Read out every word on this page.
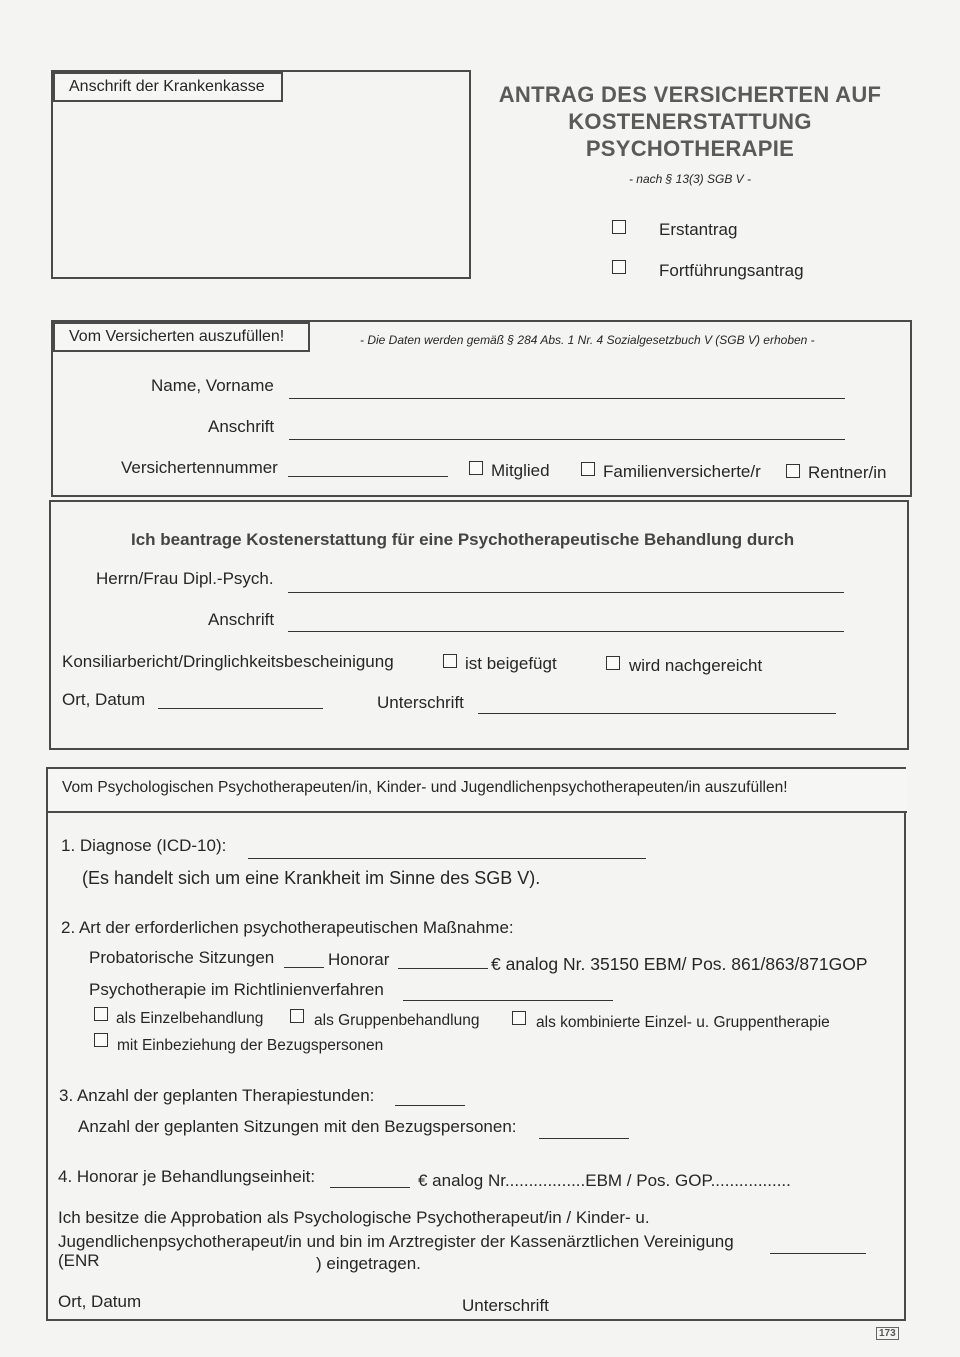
Anschrift der Krankenkasse	ANTRAG DES VERSICHERTEN AUF
KOSTENERSTATTUNG
PSYCHOTHERAPIE
- nach § 13(3) SGB V -
Erstantrag
Fortführungsantrag
Vom Versicherten auszufüllen!	- Die Daten werden gemäß § 284 Abs. 1 Nr. 4 Sozialgesetzbuch V (SGB V) erhoben -
Name, Vorname
Anschrift
Versichertennummer	Mitglied	Familienversicherte/r	Rentner/in
Ich beantrage Kostenerstattung für eine Psychotherapeutische Behandlung durch
Herrn/Frau Dipl.-Psych.
Anschrift
Konsiliarbericht/Dringlichkeitsbescheinigung	ist beigefügt	wird nachgereicht
Ort, Datum	Unterschrift
Vom Psychologischen Psychotherapeuten/in, Kinder- und Jugendlichenpsychotherapeuten/in auszufüllen!
1. Diagnose (ICD-10):
(Es handelt sich um eine Krankheit im Sinne des SGB V).
2. Art der erforderlichen psychotherapeutischen Maßnahme:
Probatorische Sitzungen	Honorar	€ analog Nr. 35150 EBM/ Pos. 861/863/871GOP
Psychotherapie im Richtlinienverfahren
als Einzelbehandlung	als Gruppenbehandlung	als kombinierte Einzel- u. Gruppentherapie
mit Einbeziehung der Bezugspersonen
3. Anzahl der geplanten Therapiestunden:
Anzahl der geplanten Sitzungen mit den Bezugspersonen:
4. Honorar je Behandlungseinheit:	€ analog Nr.................EBM / Pos. GOP.................
Ich besitze die Approbation als Psychologische Psychotherapeut/in / Kinder- u.
Jugendlichenpsychotherapeut/in und bin im Arztregister der Kassenärztlichen Vereinigung
(ENR	) eingetragen.
Ort, Datum	Unterschrift
173
